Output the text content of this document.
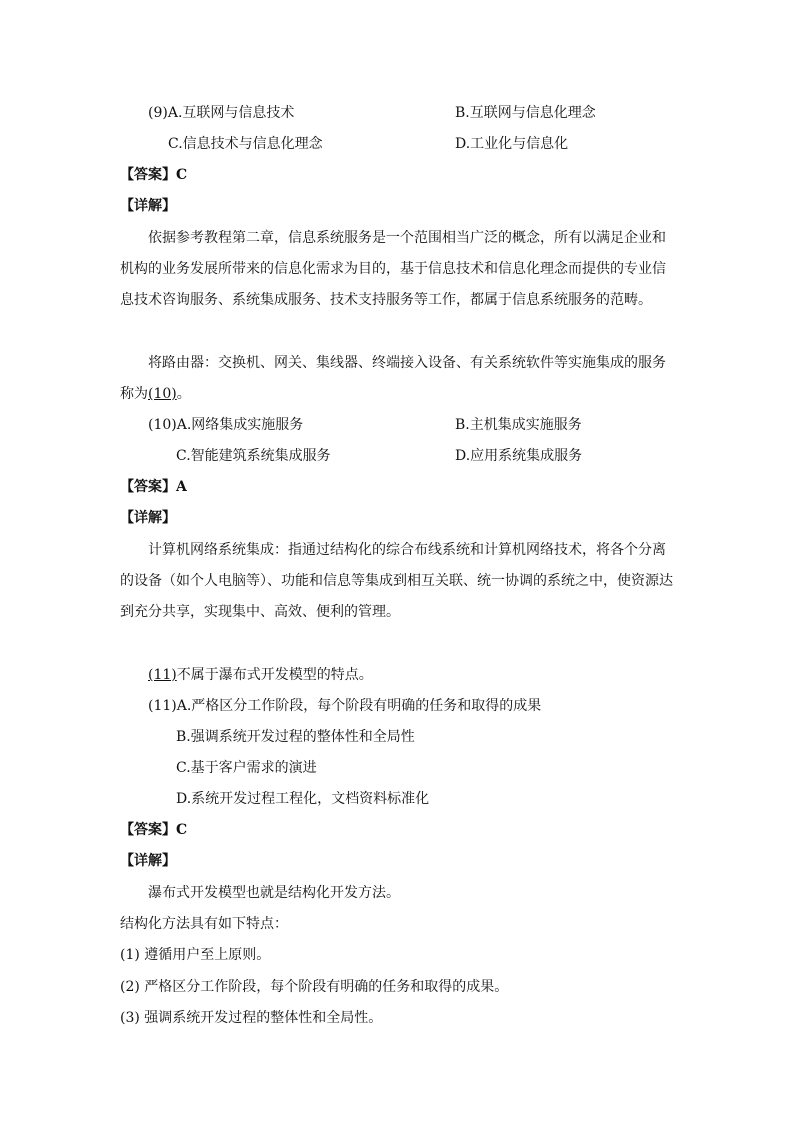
(9)A.互联网与信息技术	B.互联网与信息化理念
C.信息技术与信息化理念	D.工业化与信息化
【答案】C
【详解】
依据参考教程第二章，信息系统服务是一个范围相当广泛的概念，所有以满足企业和
机构的业务发展所带来的信息化需求为目的，基于信息技术和信息化理念而提供的专业信
息技术咨询服务、系统集成服务、技术支持服务等工作，都属于信息系统服务的范畴。
将路由器：交换机、网关、集线器、终端接入设备、有关系统软件等实施集成的服务
称为(10)。
(10)A.网络集成实施服务	B.主机集成实施服务
C.智能建筑系统集成服务	D.应用系统集成服务
【答案】A
【详解】
计算机网络系统集成：指通过结构化的综合布线系统和计算机网络技术，将各个分离
的设备（如个人电脑等）、功能和信息等集成到相互关联、统一协调的系统之中，使资源达
到充分共享，实现集中、高效、便利的管理。
(11)不属于瀑布式开发模型的特点。
(11)A.严格区分工作阶段，每个阶段有明确的任务和取得的成果
B.强调系统开发过程的整体性和全局性
C.基于客户需求的演进
D.系统开发过程工程化，文档资料标准化
【答案】C
【详解】
瀑布式开发模型也就是结构化开发方法。
结构化方法具有如下特点：
(1) 遵循用户至上原则。
(2) 严格区分工作阶段，每个阶段有明确的任务和取得的成果。
(3) 强调系统开发过程的整体性和全局性。
